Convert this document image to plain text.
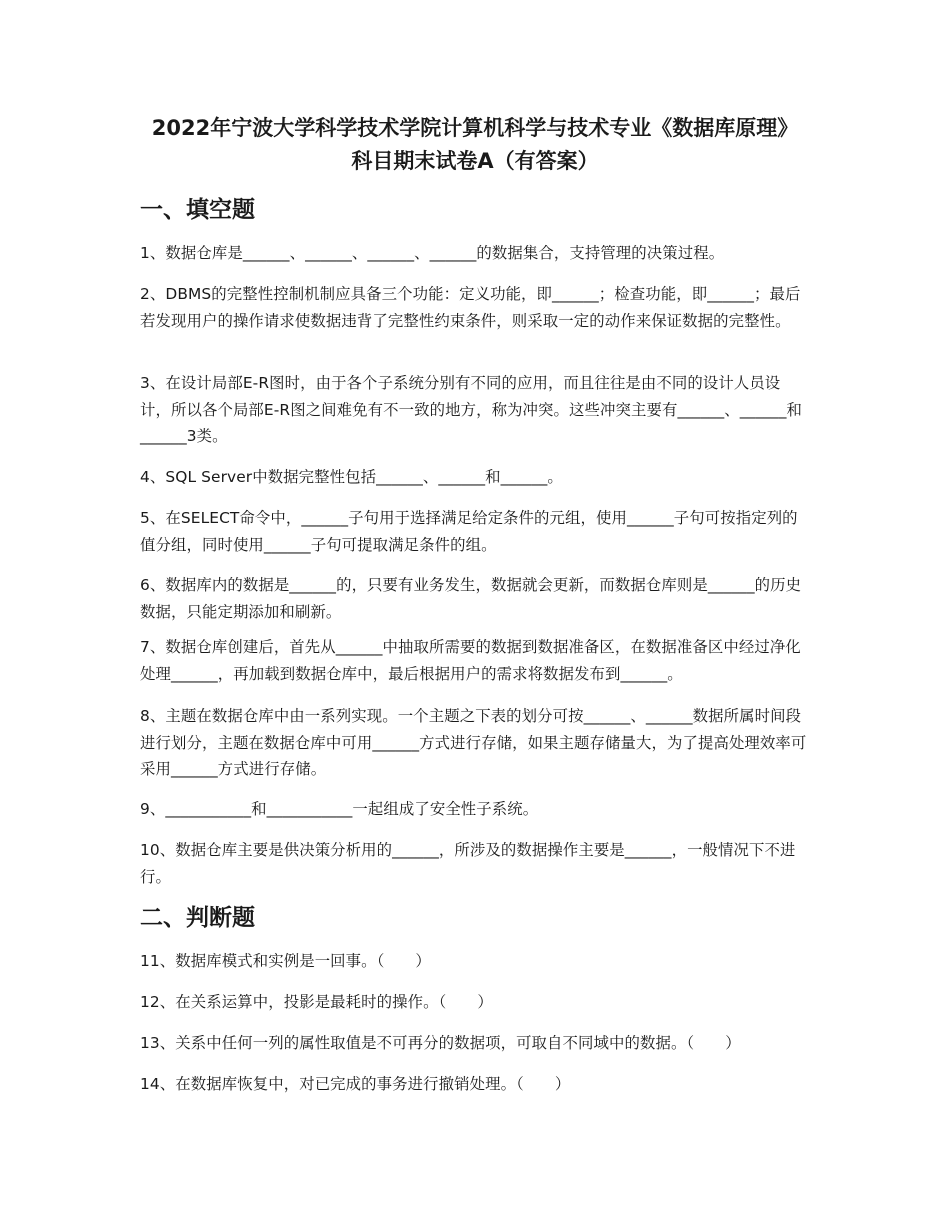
2022年宁波大学科学技术学院计算机科学与技术专业《数据库原理》
科目期末试卷A（有答案）
一、填空题

1、数据仓库是______、______、______、______的数据集合，支持管理的决策过程。

2、DBMS的完整性控制机制应具备三个功能：定义功能，即______；检查功能，即______；最后若发现用户的操作请求使数据违背了完整性约束条件，则采取一定的动作来保证数据的完整性。

3、在设计局部E-R图时，由于各个子系统分别有不同的应用，而且往往是由不同的设计人员设计，所以各个局部E-R图之间难免有不一致的地方，称为冲突。这些冲突主要有______、______和______3类。

4、SQL Server中数据完整性包括______、______和______。

5、在SELECT命令中，______子句用于选择满足给定条件的元组，使用______子句可按指定列的值分组，同时使用______子句可提取满足条件的组。

6、数据库内的数据是______的，只要有业务发生，数据就会更新，而数据仓库则是______的历史数据，只能定期添加和刷新。

7、数据仓库创建后，首先从______中抽取所需要的数据到数据准备区，在数据准备区中经过净化处理______，再加载到数据仓库中，最后根据用户的需求将数据发布到______。

8、主题在数据仓库中由一系列实现。一个主题之下表的划分可按______、______数据所属时间段进行划分，主题在数据仓库中可用______方式进行存储，如果主题存储量大，为了提高处理效率可采用______方式进行存储。

9、___________和___________一起组成了安全性子系统。

10、数据仓库主要是供决策分析用的______，所涉及的数据操作主要是______，一般情况下不进行。

二、判断题

11、数据库模式和实例是一回事。（　　）

12、在关系运算中，投影是最耗时的操作。（　　）

13、关系中任何一列的属性取值是不可再分的数据项，可取自不同域中的数据。（　　）

14、在数据库恢复中，对已完成的事务进行撤销处理。（　　）
